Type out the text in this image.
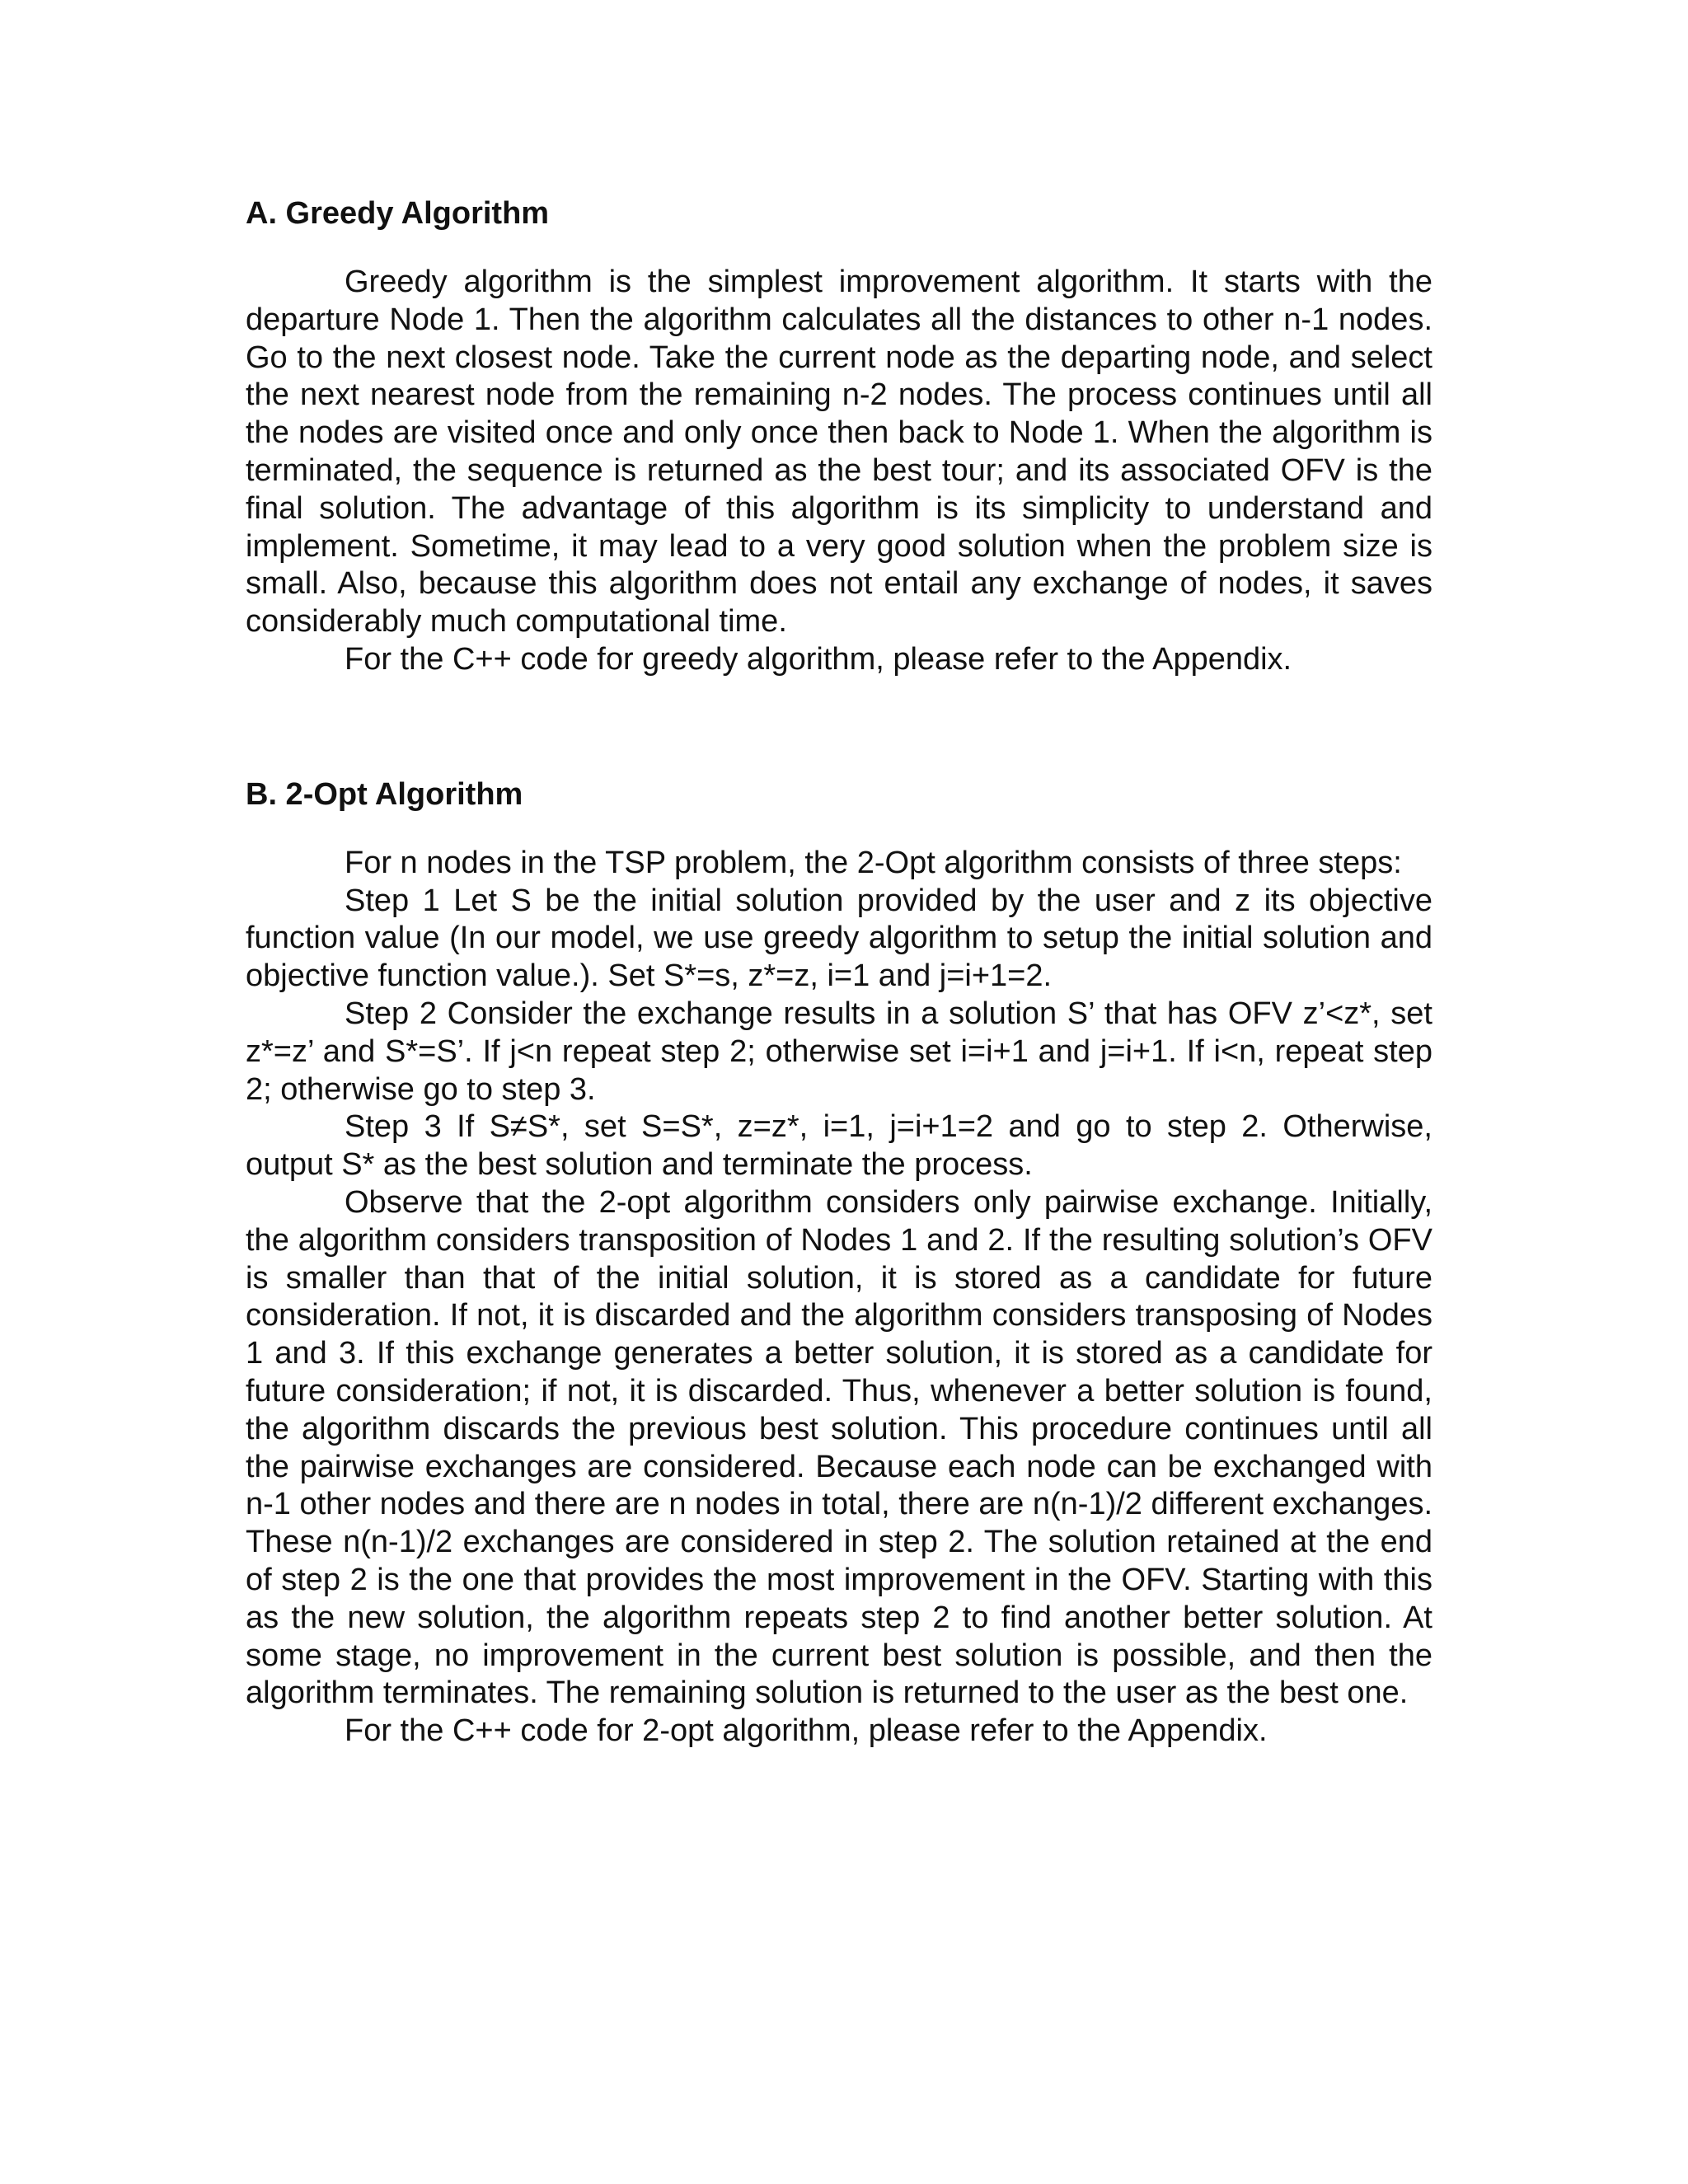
A. Greedy Algorithm

Greedy algorithm is the simplest improvement algorithm. It starts with the departure Node 1. Then the algorithm calculates all the distances to other n-1 nodes. Go to the next closest node. Take the current node as the departing node, and select the next nearest node from the remaining n-2 nodes. The process continues until all the nodes are visited once and only once then back to Node 1. When the algorithm is terminated, the sequence is returned as the best tour; and its associated OFV is the final solution. The advantage of this algorithm is its simplicity to understand and implement. Sometime, it may lead to a very good solution when the problem size is small. Also, because this algorithm does not entail any exchange of nodes, it saves considerably much computational time.

For the C++ code for greedy algorithm, please refer to the Appendix.

B. 2-Opt Algorithm

For n nodes in the TSP problem, the 2-Opt algorithm consists of three steps:

Step 1 Let S be the initial solution provided by the user and z its objective function value (In our model, we use greedy algorithm to setup the initial solution and objective function value.). Set S*=s, z*=z, i=1 and j=i+1=2.

Step 2 Consider the exchange results in a solution S’ that has OFV z’<z*, set z*=z’ and S*=S’. If j<n repeat step 2; otherwise set i=i+1 and j=i+1. If i<n, repeat step 2; otherwise go to step 3.

Step 3 If S≠S*, set S=S*, z=z*, i=1, j=i+1=2 and go to step 2. Otherwise, output S* as the best solution and terminate the process.

Observe that the 2-opt algorithm considers only pairwise exchange. Initially, the algorithm considers transposition of Nodes 1 and 2. If the resulting solution’s OFV is smaller than that of the initial solution, it is stored as a candidate for future consideration. If not, it is discarded and the algorithm considers transposing of Nodes 1 and 3. If this exchange generates a better solution, it is stored as a candidate for future consideration; if not, it is discarded. Thus, whenever a better solution is found, the algorithm discards the previous best solution. This procedure continues until all the pairwise exchanges are considered. Because each node can be exchanged with n-1 other nodes and there are n nodes in total, there are n(n-1)/2 different exchanges. These n(n-1)/2 exchanges are considered in step 2. The solution retained at the end of step 2 is the one that provides the most improvement in the OFV. Starting with this as the new solution, the algorithm repeats step 2 to find another better solution. At some stage, no improvement in the current best solution is possible, and then the algorithm terminates. The remaining solution is returned to the user as the best one.

For the C++ code for 2-opt algorithm, please refer to the Appendix.
